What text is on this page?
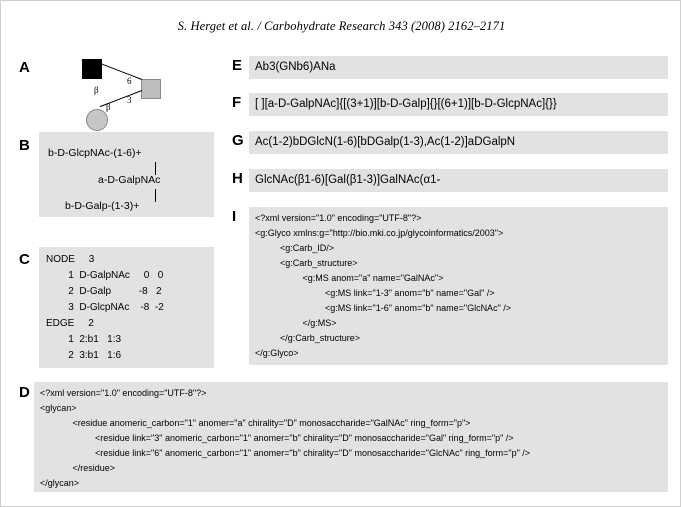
S. Herget et al. / Carbohydrate Research 343 (2008) 2162–2171
A
β
6
3
β
B b-D-GlcpNAc-(1-6)+
a-D-GalpNAc
b-D-Galp-(1-3)+
C NODE     3
1  D-GalpNAc     0   0
2  D-Galp          -8   2
3  D-GlcpNAc    -8  -2
EDGE     2
1  2:b1   1:3
2  3:b1   1:6
D <?xml version="1.0" encoding="UTF-8"?>
<glycan>
<residue anomeric_carbon="1" anomer="a" chirality="D" monosaccharide="GalNAc" ring_form="p">
<residue link="3" anomeric_carbon="1" anomer="b" chirality="D" monosaccharide="Gal" ring_form="p" />
<residue link="6" anomeric_carbon="1" anomer="b" chirality="D" monosaccharide="GlcNAc" ring_form="p" />
</residue>
</glycan>
E Ab3(GNb6)ANa
F [ ][a-D-GalpNAc]{[(3+1)][b-D-Galp]{}[(6+1)][b-D-GlcpNAc]{}}
G Ac(1-2)bDGlcN(1-6)[bDGalp(1-3),Ac(1-2)]aDGalpN
H GlcNAc(β1-6)[Gal(β1-3)]GalNAc(α1-
I <?xml version="1.0" encoding="UTF-8"?>
<g:Glyco xmlns:g="http://bio.mki.co.jp/glycoinformatics/2003">
<g:Carb_ID/>
<g:Carb_structure>
<g:MS anom="a" name="GalNAc">
<g:MS link="1-3" anom="b" name="Gal" />
<g:MS link="1-6" anom="b" name="GlcNAc" />
</g:MS>
</g:Carb_structure>
</g:Glyco>
